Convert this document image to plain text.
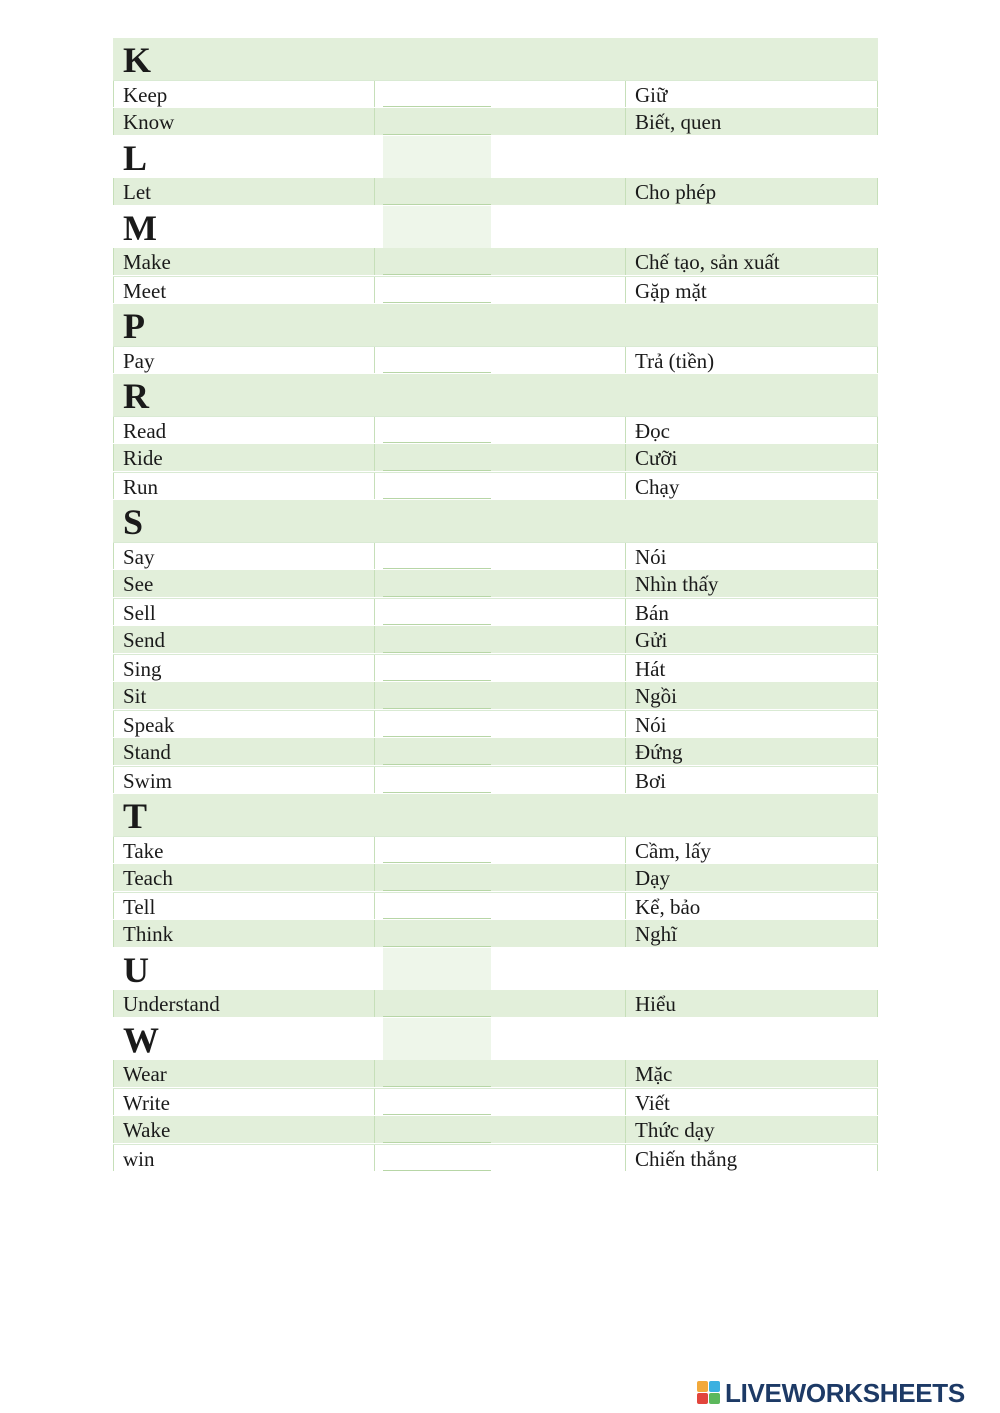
K
Keep	Giữ
Know	Biết, quen
L
Let	Cho phép
M
Make	Chế tạo, sản xuất
Meet	Gặp mặt
P
Pay	Trả (tiền)
R
Read	Đọc
Ride	Cưỡi
Run	Chạy
S
Say	Nói
See	Nhìn thấy
Sell	Bán
Send	Gửi
Sing	Hát
Sit	Ngồi
Speak	Nói
Stand	Đứng
Swim	Bơi
T
Take	Cầm, lấy
Teach	Dạy
Tell	Kể, bảo
Think	Nghĩ
U
Understand	Hiểu
W
Wear	Mặc
Write	Viết
Wake	Thức dạy
win	Chiến thắng
LIVEWORKSHEETS
